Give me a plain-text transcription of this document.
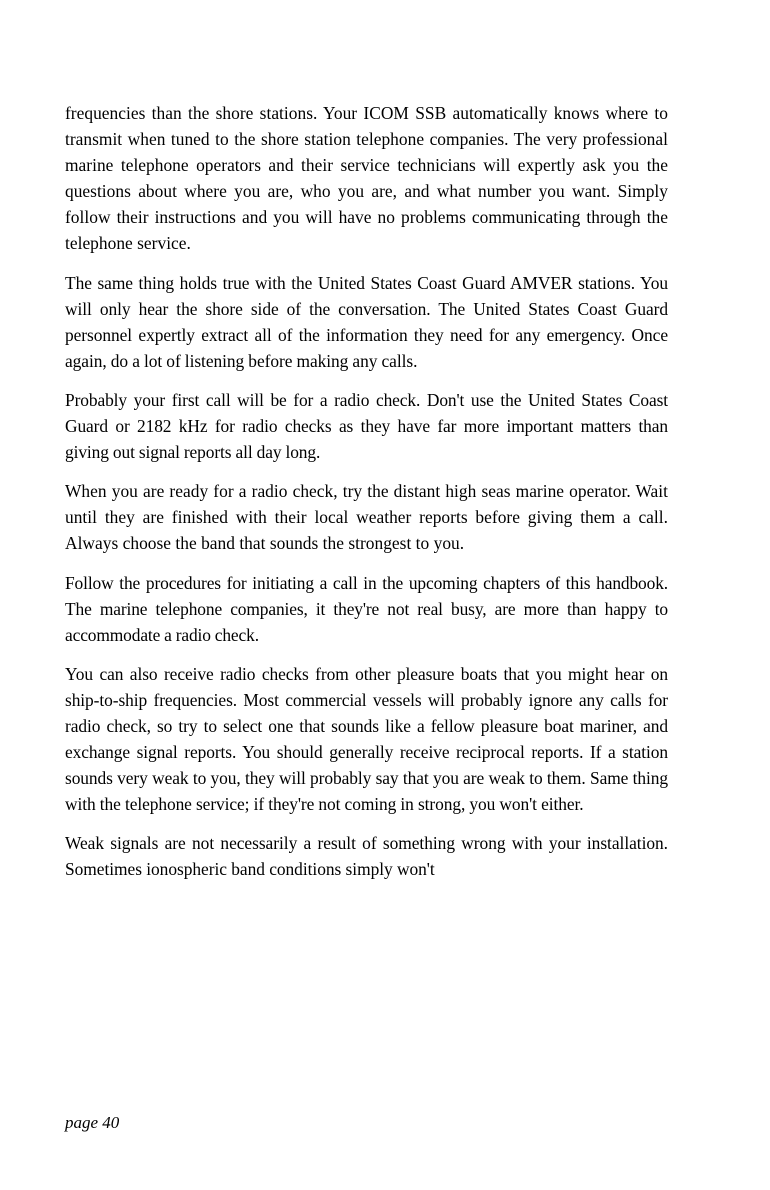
frequencies than the shore stations. Your ICOM SSB automatically knows where to transmit when tuned to the shore station telephone companies. The very professional marine telephone operators and their service technicians will expertly ask you the questions about where you are, who you are, and what number you want. Simply follow their instructions and you will have no problems communicating through the telephone service.

The same thing holds true with the United States Coast Guard AMVER stations. You will only hear the shore side of the conversation. The United States Coast Guard personnel expertly extract all of the information they need for any emergency. Once again, do a lot of listening before making any calls.

Probably your first call will be for a radio check. Don't use the United States Coast Guard or 2182 kHz for radio checks as they have far more important matters than giving out signal reports all day long.

When you are ready for a radio check, try the distant high seas marine operator. Wait until they are finished with their local weather reports before giving them a call. Always choose the band that sounds the strongest to you.

Follow the procedures for initiating a call in the upcoming chapters of this handbook. The marine telephone companies, it they're not real busy, are more than happy to accommodate a radio check.

You can also receive radio checks from other pleasure boats that you might hear on ship-to-ship frequencies. Most commercial vessels will probably ignore any calls for radio check, so try to select one that sounds like a fellow pleasure boat mariner, and exchange signal reports. You should generally receive reciprocal reports. If a station sounds very weak to you, they will probably say that you are weak to them. Same thing with the telephone service; if they're not coming in strong, you won't either.

Weak signals are not necessarily a result of something wrong with your installation. Sometimes ionospheric band conditions simply won't

page 40
